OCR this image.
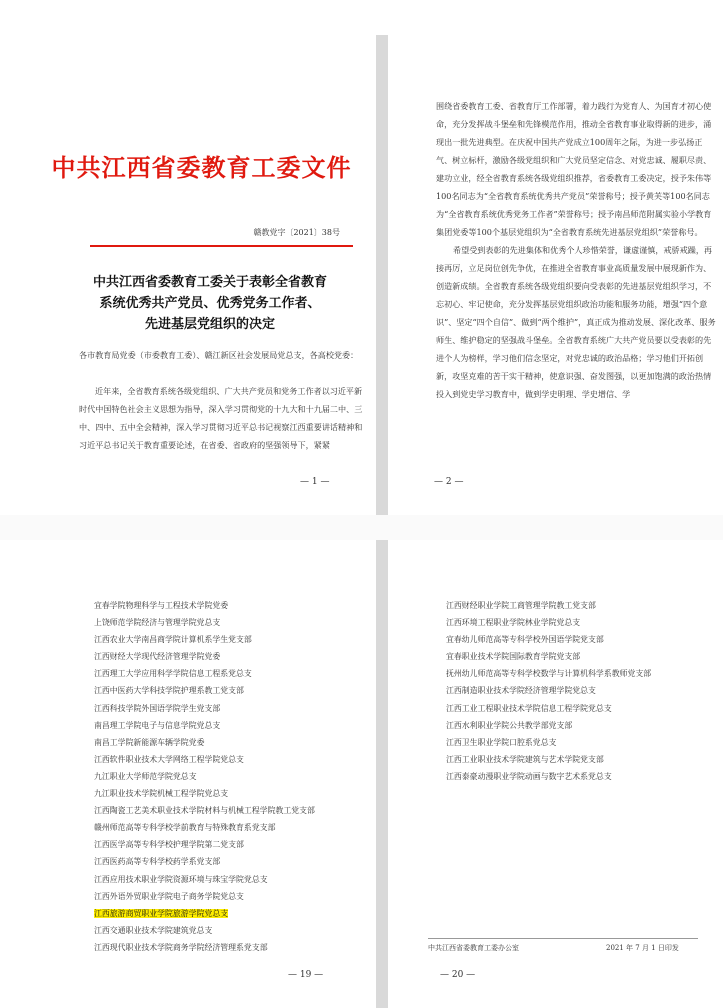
中共江西省委教育工委文件
赣教党字〔2021〕38号
中共江西省委教育工委关于表彰全省教育
系统优秀共产党员、优秀党务工作者、
先进基层党组织的决定

各市教育局党委（市委教育工委）、赣江新区社会发展局党总支，各高校党委：

近年来，全省教育系统各级党组织、广大共产党员和党务工作者以习近平新时代中国特色社会主义思想为指导，深入学习贯彻党的十九大和十九届二中、三中、四中、五中全会精神，深入学习贯彻习近平总书记视察江西重要讲话精神和习近平总书记关于教育重要论述，在省委、省政府的坚强领导下，紧紧

— 1 —

围绕省委教育工委、省教育厅工作部署，着力践行为党育人、为国育才初心使命，充分发挥战斗堡垒和先锋模范作用，推动全省教育事业取得新的进步，涌现出一批先进典型。在庆祝中国共产党成立100周年之际，为进一步弘扬正气、树立标杆，激励各级党组织和广大党员坚定信念、对党忠诚、履职尽责、建功立业，经全省教育系统各级党组织推荐，省委教育工委决定，授予朱伟等100名同志为“全省教育系统优秀共产党员”荣誉称号；授予黄芙等100名同志为“全省教育系统优秀党务工作者”荣誉称号；授予南昌师范附属实验小学教育集团党委等100个基层党组织为“全省教育系统先进基层党组织”荣誉称号。

希望受到表彰的先进集体和优秀个人珍惜荣誉，谦虚谨慎，戒骄戒躁，再接再厉，立足岗位创先争优，在推进全省教育事业高质量发展中展现新作为、创造新成绩。全省教育系统各级党组织要向受表彰的先进基层党组织学习，不忘初心、牢记使命，充分发挥基层党组织政治功能和服务功能，增强“四个意识”、坚定“四个自信”、做到“两个维护”，真正成为推动发展、深化改革、服务师生、维护稳定的坚强战斗堡垒。全省教育系统广大共产党员要以受表彰的先进个人为榜样，学习他们信念坚定，对党忠诚的政治品格；学习他们开拓创新，攻坚克难的苦干实干精神，使意识强、奋发图强，以更加饱满的政治热情投入到党史学习教育中，做到学史明理、学史增信、学

— 2 —
宜春学院物理科学与工程技术学院党委
上饶师范学院经济与管理学院党总支
江西农业大学南昌商学院计算机系学生党支部
江西财经大学现代经济管理学院党委
江西理工大学应用科学学院信息工程系党总支
江西中医药大学科技学院护理系教工党支部
江西科技学院外国语学院学生党支部
南昌理工学院电子与信息学院党总支
南昌工学院新能源车辆学院党委
江西软件职业技术大学网络工程学院党总支
九江职业大学师范学院党总支
九江职业技术学院机械工程学院党总支
江西陶瓷工艺美术职业技术学院材料与机械工程学院教工党支部
赣州师范高等专科学校学前教育与特殊教育系党支部
江西医学高等专科学校护理学院第二党支部
江西医药高等专科学校药学系党支部
江西应用技术职业学院资源环境与珠宝学院党总支
江西外语外贸职业学院电子商务学院党总支
江西旅游商贸职业学院旅游学院党总支
江西交通职业技术学院建筑党总支
江西现代职业技术学院商务学院经济管理系党支部
— 19 —
江西财经职业学院工商管理学院教工党支部
江西环境工程职业学院林业学院党总支
宜春幼儿师范高等专科学校外国语学院党支部
宜春职业技术学院国际教育学院党支部
抚州幼儿师范高等专科学校数学与计算机科学系教师党支部
江西制造职业技术学院经济管理学院党总支
江西工业工程职业技术学院信息工程学院党总支
江西水利职业学院公共教学部党支部
江西卫生职业学院口腔系党总支
江西工业职业技术学院建筑与艺术学院党支部
江西泰豪动漫职业学院动画与数字艺术系党总支
中共江西省委教育工委办公室	2021 年 7 月 1 日印发
— 20 —
